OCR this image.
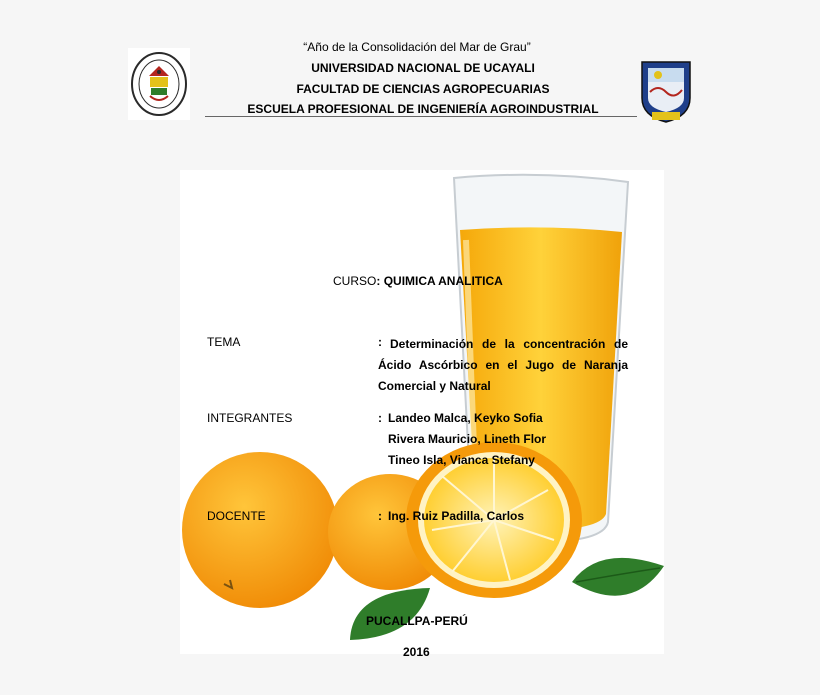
“Año de la Consolidación del Mar de Grau”
UNIVERSIDAD NACIONAL DE UCAYALI
FACULTAD DE CIENCIAS AGROPECUARIAS
ESCUELA PROFESIONAL DE INGENIERÍA AGROINDUSTRIAL
CURSO: QUIMICA ANALITICA
TEMA	: Determinación de la concentración de Ácido Ascórbico en el Jugo de Naranja Comercial y Natural
INTEGRANTES	: Landeo Malca, Keyko Sofia
Rivera Mauricio, Lineth Flor
Tineo Isla, Vianca Stefany
DOCENTE	: Ing. Ruiz Padilla, Carlos
PUCALLPA-PERÚ
2016
